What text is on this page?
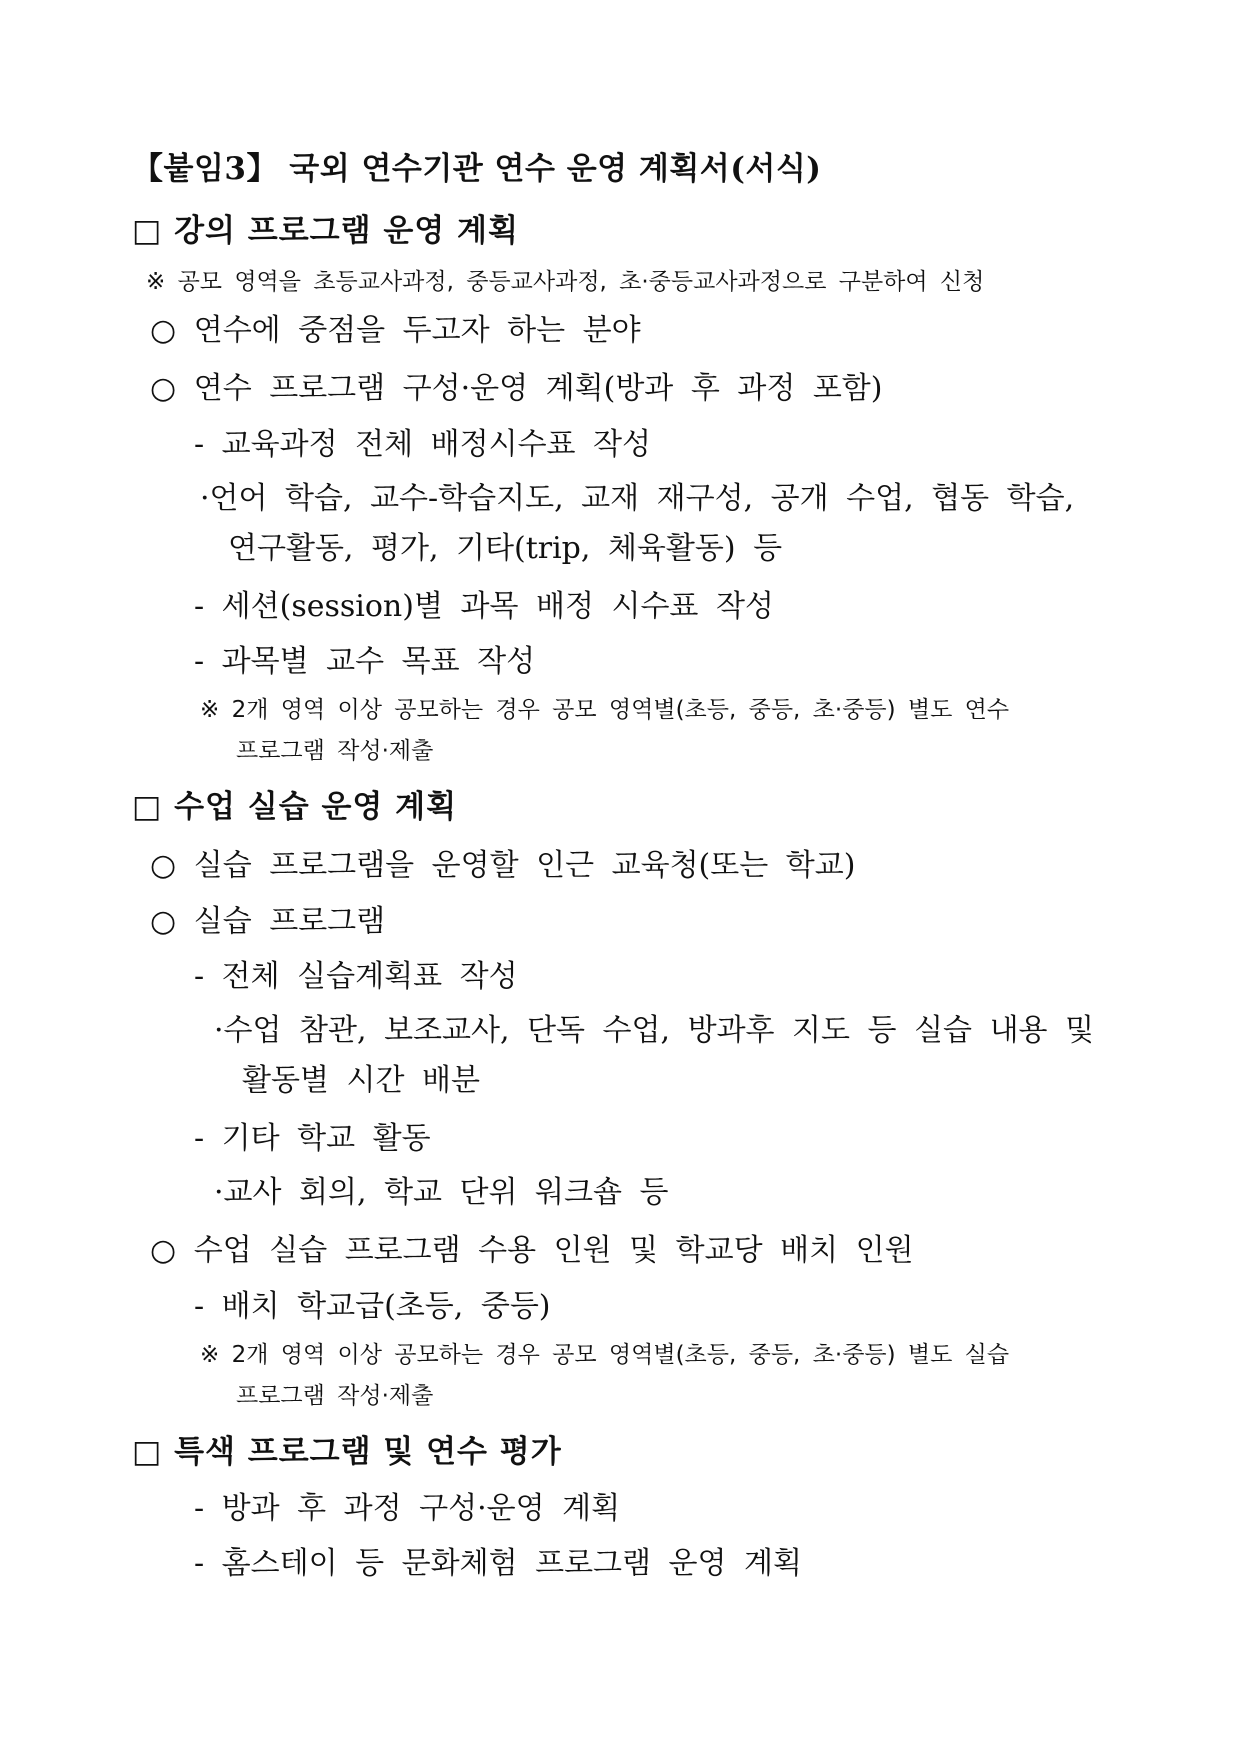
【붙임3】 국외 연수기관 연수 운영 계획서(서식)
□ 강의 프로그램 운영 계획
※ 공모 영역을 초등교사과정, 중등교사과정, 초·중등교사과정으로 구분하여 신청
○ 연수에 중점을 두고자 하는 분야
○ 연수 프로그램 구성·운영 계획(방과 후 과정 포함)
- 교육과정 전체 배정시수표 작성
·언어 학습, 교수-학습지도, 교재 재구성, 공개 수업, 협동 학습,
연구활동, 평가, 기타(trip, 체육활동) 등
- 세션(session)별 과목 배정 시수표 작성
- 과목별 교수 목표 작성
※ 2개 영역 이상 공모하는 경우 공모 영역별(초등, 중등, 초·중등) 별도 연수
프로그램 작성·제출
□ 수업 실습 운영 계획
○ 실습 프로그램을 운영할 인근 교육청(또는 학교)
○ 실습 프로그램
- 전체 실습계획표 작성
·수업 참관, 보조교사, 단독 수업, 방과후 지도 등 실습 내용 및
활동별 시간 배분
- 기타 학교 활동
·교사 회의, 학교 단위 워크숍 등
○ 수업 실습 프로그램 수용 인원 및 학교당 배치 인원
- 배치 학교급(초등, 중등)
※ 2개 영역 이상 공모하는 경우 공모 영역별(초등, 중등, 초·중등) 별도 실습
프로그램 작성·제출
□ 특색 프로그램 및 연수 평가
- 방과 후 과정 구성·운영 계획
- 홈스테이 등 문화체험 프로그램 운영 계획
